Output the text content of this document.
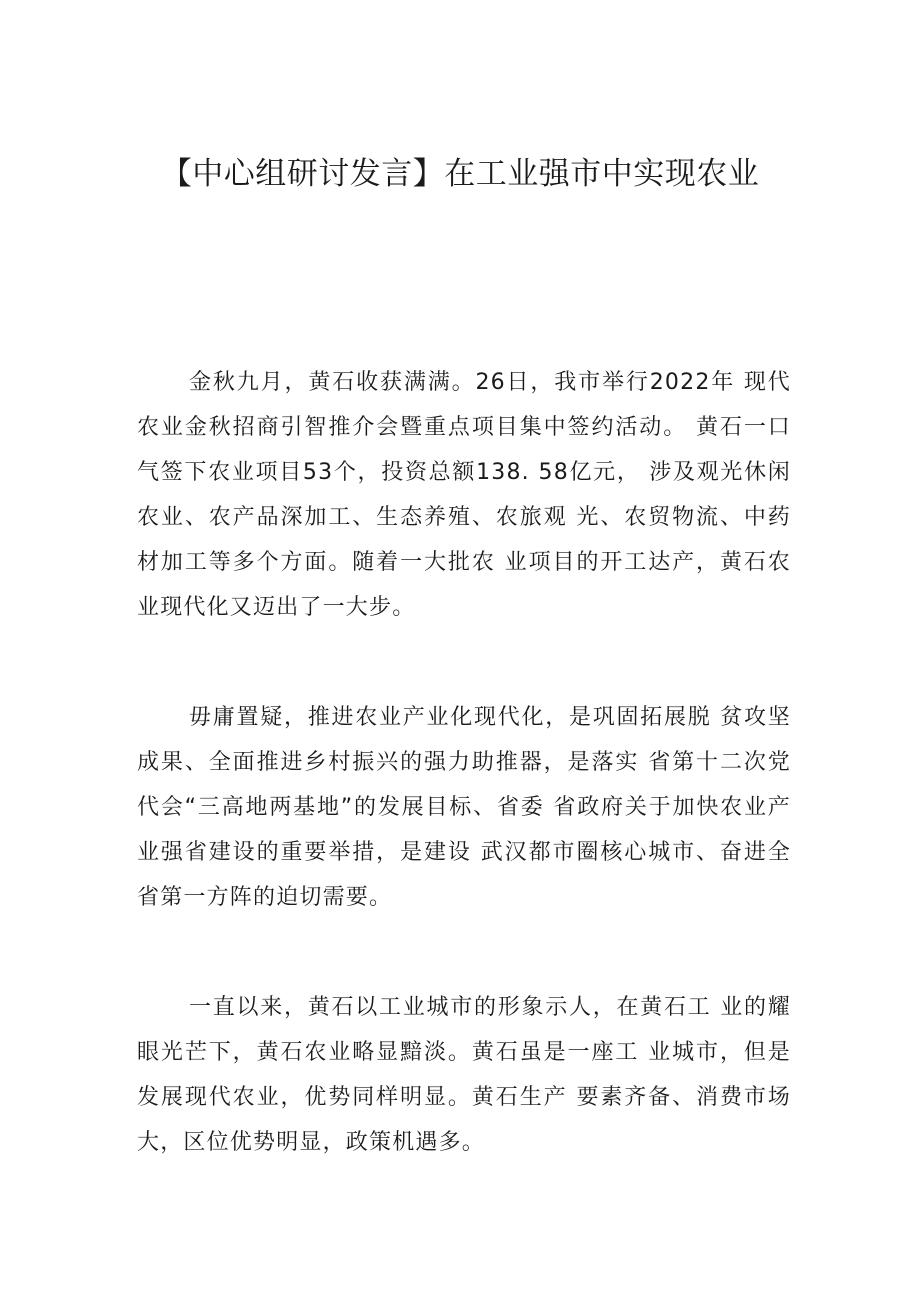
【中心组研讨发言】在工业强市中实现农业

金秋九月，黄石收获满满。26日，我市举行2022年 现代农业金秋招商引智推介会暨重点项目集中签约活动。 黄石一口气签下农业项目53个，投资总额138. 58亿元， 涉及观光休闲农业、农产品深加工、生态养殖、农旅观 光、农贸物流、中药材加工等多个方面。随着一大批农 业项目的开工达产，黄石农业现代化又迈出了一大步。

毋庸置疑，推进农业产业化现代化，是巩固拓展脱 贫攻坚成果、全面推进乡村振兴的强力助推器，是落实 省第十二次党代会“三高地两基地”的发展目标、省委 省政府关于加快农业产业强省建设的重要举措，是建设 武汉都市圈核心城市、奋进全省第一方阵的迫切需要。

一直以来，黄石以工业城市的形象示人，在黄石工 业的耀眼光芒下，黄石农业略显黯淡。黄石虽是一座工 业城市，但是发展现代农业，优势同样明显。黄石生产 要素齐备、消费市场大，区位优势明显，政策机遇多。
